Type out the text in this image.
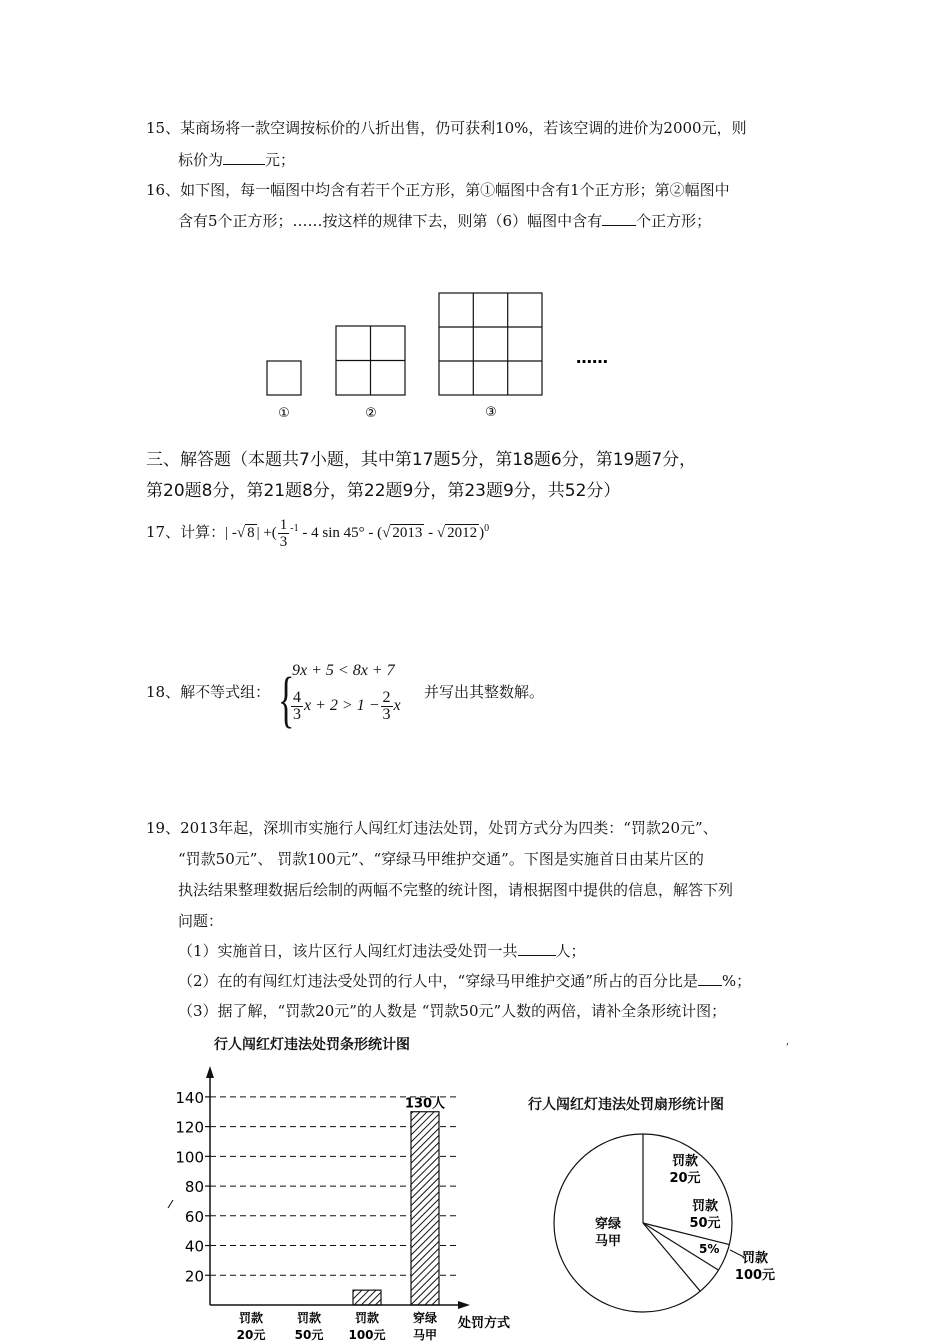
15、某商场将一款空调按标价的八折出售，仍可获利10%，若该空调的进价为2000元，则
标价为	元；
16、如下图，每一幅图中均含有若干个正方形，第①幅图中含有1个正方形；第②幅图中
含有5个正方形；……按这样的规律下去，则第（6）幅图中含有 个正方形；
①	②	③
……
三、解答题（本题共7小题，其中第17题5分，第18题6分，第19题7分，
第20题8分，第21题8分，第22题9分，第23题9分，共52分）
17、计算：| -√ 8 | +( $\frac{1}{3} ^{-1} - 4$ sin 45° - (√ 2013 - √ 2012 )$^0$
18、解不等式组： {
9x + 5 < 8x + 7
$\frac{4}{3}$ $x + 2 > 1 - \frac{2}{3}$ x
并写出其整数解。
19、2013年起，深圳市实施行人闯红灯违法处罚，处罚方式分为四类：“罚款20元”、
“罚款50元”、 罚款100元”、“穿绿马甲维护交通”。下图是实施首日由某片区的
执法结果整理数据后绘制的两幅不完整的统计图，请根据图中提供的信息，解答下列
问题：
（1）实施首日，该片区行人闯红灯违法受处罚一共	人；
（2）在的有闯红灯违法受处罚的行人中，“穿绿马甲维护交通”所占的百分比是 %；
（3）据了解，“罚款20元”的人数是 “罚款50元”人数的两倍，请补全条形统计图；
行人闯红灯违法处罚条形统计图	,
行人闯红灯违法处罚扇形统计图
20
40
60
80
100
120
140	130人
罚款
20元
罚款
50元
罚款
100元
穿绿
马甲
处罚方式
罚款
20元
罚款
50元
罚款
100元
穿绿
马甲	5%
